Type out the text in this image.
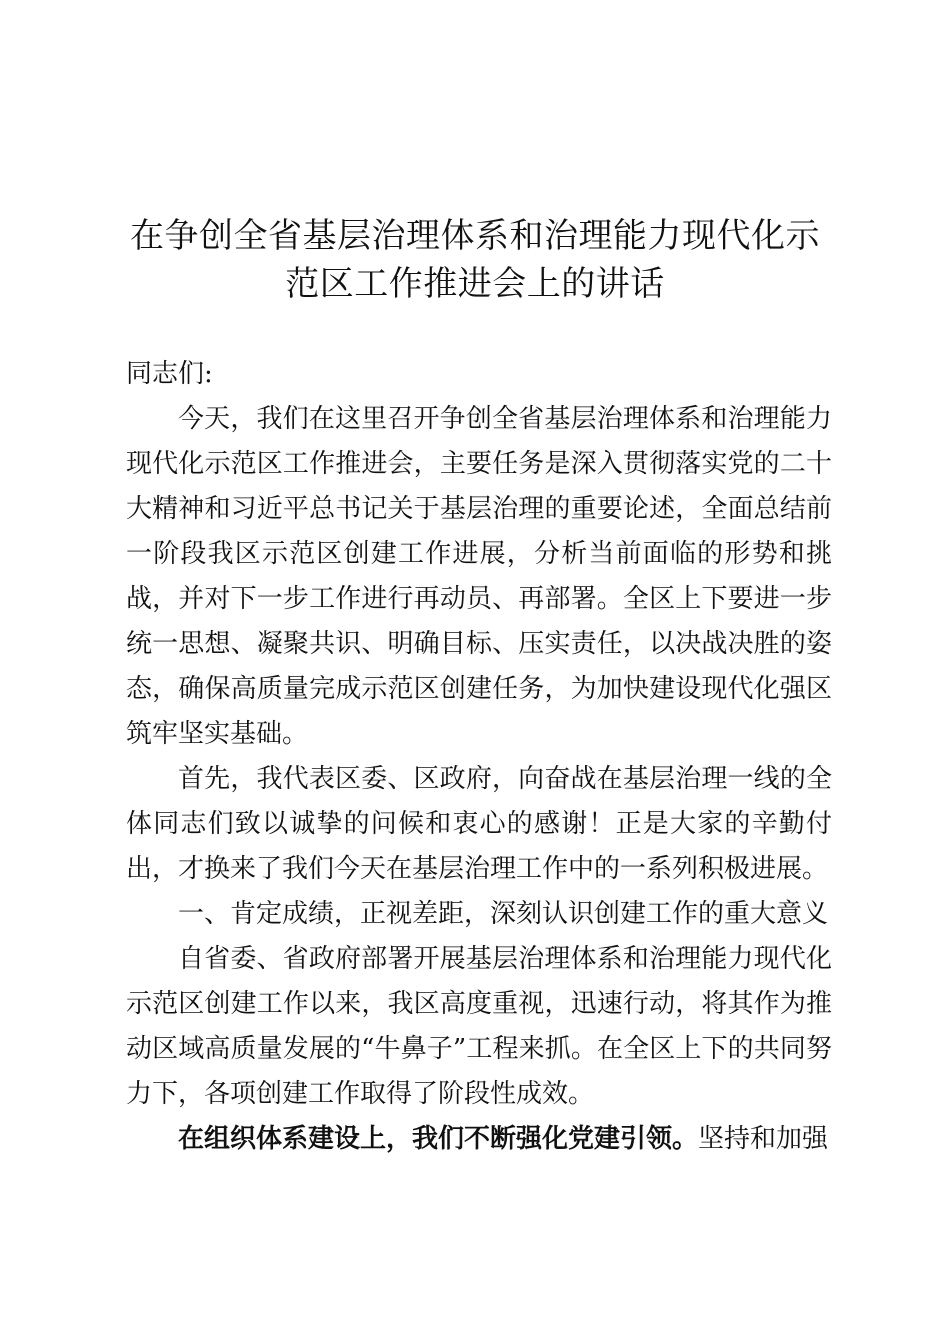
在争创全省基层治理体系和治理能力现代化示
范区工作推进会上的讲话

同志们:

今天，我们在这里召开争创全省基层治理体系和治理能力现代化示范区工作推进会，主要任务是深入贯彻落实党的二十大精神和习近平总书记关于基层治理的重要论述，全面总结前一阶段我区示范区创建工作进展，分析当前面临的形势和挑战，并对下一步工作进行再动员、再部署。全区上下要进一步统一思想、凝聚共识、明确目标、压实责任，以决战决胜的姿态，确保高质量完成示范区创建任务，为加快建设现代化强区筑牢坚实基础。

首先，我代表区委、区政府，向奋战在基层治理一线的全体同志们致以诚挚的问候和衷心的感谢！正是大家的辛勤付出，才换来了我们今天在基层治理工作中的一系列积极进展。

一、肯定成绩，正视差距，深刻认识创建工作的重大意义

自省委、省政府部署开展基层治理体系和治理能力现代化示范区创建工作以来，我区高度重视，迅速行动，将其作为推动区域高质量发展的“牛鼻子”工程来抓。在全区上下的共同努力下，各项创建工作取得了阶段性成效。

在组织体系建设上，我们不断强化党建引领。坚持和加强
